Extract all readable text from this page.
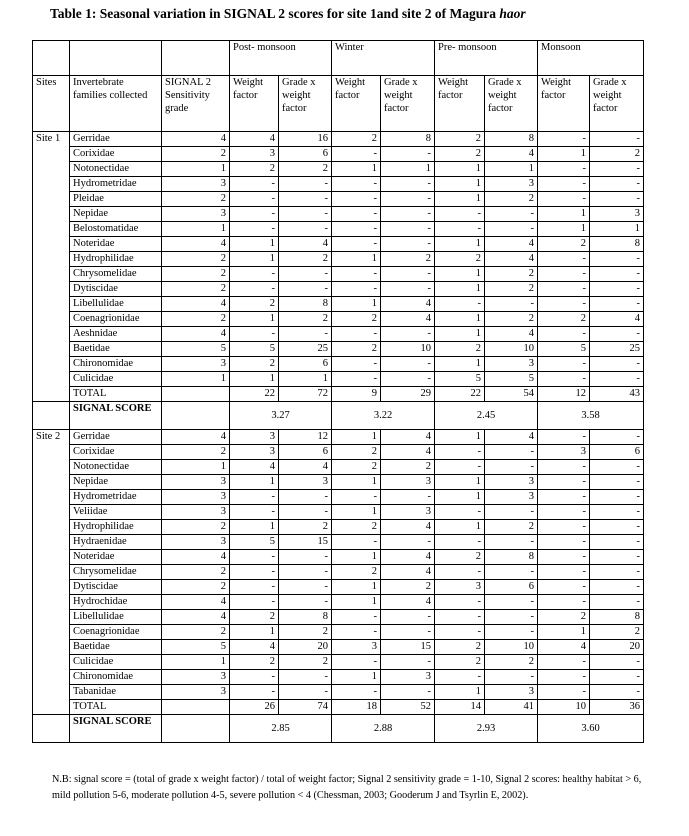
Table 1: Seasonal variation in SIGNAL 2 scores for site 1and site 2 of Magura haor
			Post- monsoon		Winter		Pre- monsoon		Monsoon	
Sites	Invertebrate families collected	SIGNAL 2 Sensitivity grade	Weight factor	Grade x weight factor	Weight factor	Grade x weight factor	Weight factor	Grade x weight factor	Weight factor	Grade x weight factor
Site 1	Gerridae	4	4	16	2	8	2	8	-	-
	Corixidae	2	3	6	-	-	2	4	1	2
	Notonectidae	1	2	2	1	1	1	1	-	-
	Hydrometridae	3	-	-	-	-	1	3	-	-
	Pleidae	2	-	-	-	-	1	2	-	-
	Nepidae	3	-	-	-	-	-	-	1	3
	Belostomatidae	1	-	-	-	-	-	-	1	1
	Noteridae	4	1	4	-	-	1	4	2	8
	Hydrophilidae	2	1	2	1	2	2	4	-	-
	Chrysomelidae	2	-	-	-	-	1	2	-	-
	Dytiscidae	2	-	-	-	-	1	2	-	-
	Libellulidae	4	2	8	1	4	-	-	-	-
	Coenagrionidae	2	1	2	2	4	1	2	2	4
	Aeshnidae	4	-	-	-	-	1	4	-	-
	Baetidae	5	5	25	2	10	2	10	5	25
	Chironomidae	3	2	6	-	-	1	3	-	-
	Culicidae	1	1	1	-	-	5	5	-	-
	TOTAL		22	72	9	29	22	54	12	43
	SIGNAL SCORE		3.27		3.22		2.45		3.58	
Site 2	Gerridae	4	3	12	1	4	1	4	-	-
	Corixidae	2	3	6	2	4	-	-	3	6
	Notonectidae	1	4	4	2	2	-	-	-	-
	Nepidae	3	1	3	1	3	1	3	-	-
	Hydrometridae	3	-	-	-	-	1	3	-	-
	Veliidae	3	-	-	1	3	-	-	-	-
	Hydrophilidae	2	1	2	2	4	1	2	-	-
	Hydraenidae	3	5	15	-	-	-	-	-	-
	Noteridae	4	-	-	1	4	2	8	-	-
	Chrysomelidae	2	-	-	2	4	-	-	-	-
	Dytiscidae	2	-	-	1	2	3	6	-	-
	Hydrochidae	4	-	-	1	4	-	-	-	-
	Libellulidae	4	2	8	-	-	-	-	2	8
	Coenagrionidae	2	1	2	-	-	-	-	1	2
	Baetidae	5	4	20	3	15	2	10	4	20
	Culicidae	1	2	2	-	-	2	2	-	-
	Chironomidae	3	-	-	1	3	-	-	-	-
	Tabanidae	3	-	-	-	-	1	3	-	-
	TOTAL		26	74	18	52	14	41	10	36
	SIGNAL SCORE		2.85		2.88		2.93		3.60	
N.B: signal score = (total of grade x weight factor) / total of weight factor; Signal 2 sensitivity grade = 1-10, Signal 2 scores: healthy habitat > 6, mild pollution 5-6, moderate pollution 4-5, severe pollution < 4 (Chessman, 2003; Gooderum J and Tsyrlin E, 2002).
